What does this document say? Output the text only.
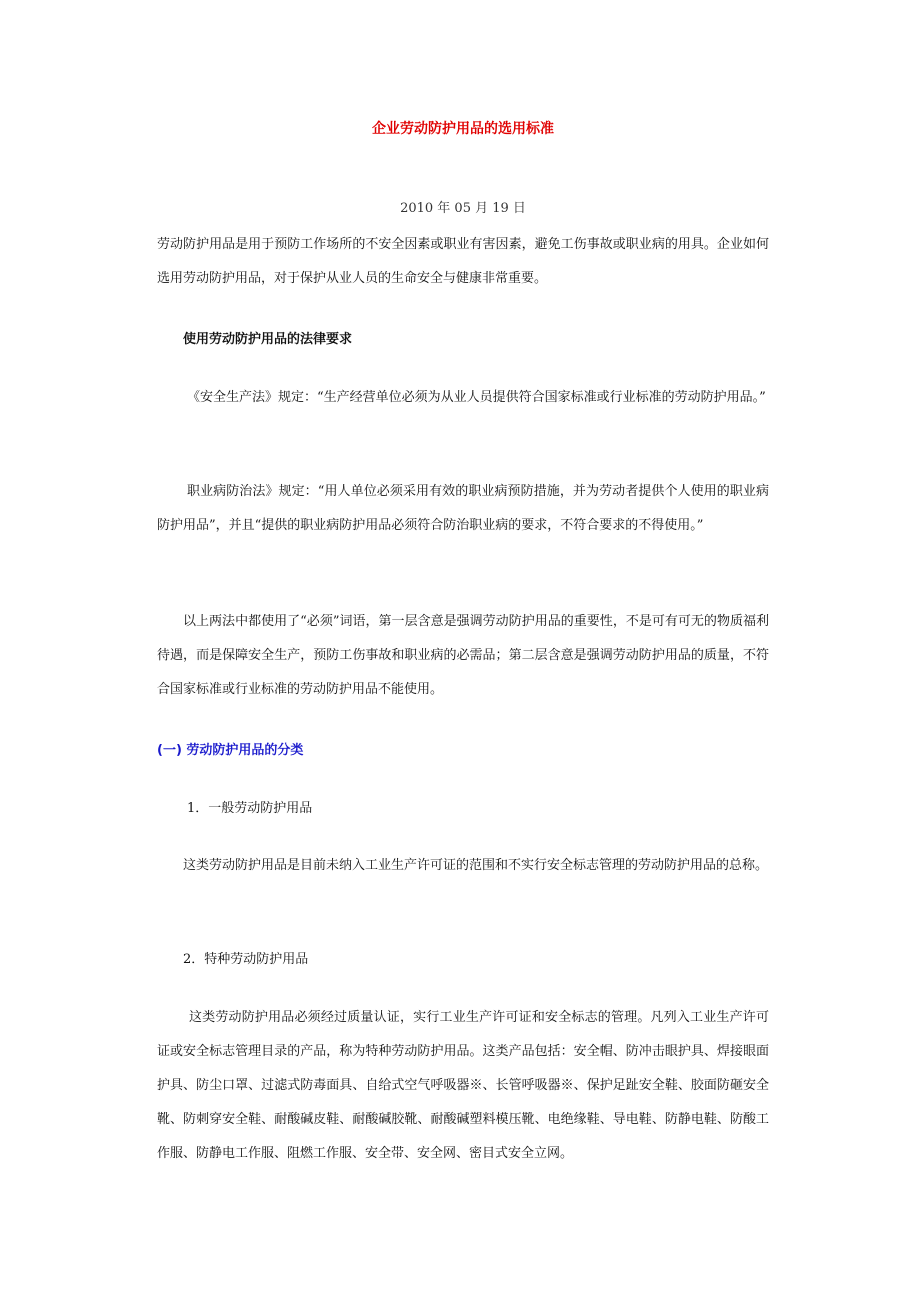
企业劳动防护用品的选用标准

2010 年 05 月 19 日

劳动防护用品是用于预防工作场所的不安全因素或职业有害因素，避免工伤事故或职业病的用具。企业如何选用劳动防护用品，对于保护从业人员的生命安全与健康非常重要。

使用劳动防护用品的法律要求

《安全生产法》规定：“生产经营单位必须为从业人员提供符合国家标准或行业标准的劳动防护用品。”

职业病防治法》规定：“用人单位必须采用有效的职业病预防措施，并为劳动者提供个人使用的职业病防护用品”，并且“提供的职业病防护用品必须符合防治职业病的要求，不符合要求的不得使用。”

以上两法中都使用了“必须”词语，第一层含意是强调劳动防护用品的重要性，不是可有可无的物质福利待遇，而是保障安全生产，预防工伤事故和职业病的必需品；第二层含意是强调劳动防护用品的质量，不符合国家标准或行业标准的劳动防护用品不能使用。

(一) 劳动防护用品的分类

1．一般劳动防护用品

这类劳动防护用品是目前未纳入工业生产许可证的范围和不实行安全标志管理的劳动防护用品的总称。

2．特种劳动防护用品

这类劳动防护用品必须经过质量认证，实行工业生产许可证和安全标志的管理。凡列入工业生产许可证或安全标志管理目录的产品，称为特种劳动防护用品。这类产品包括：安全帽、防冲击眼护具、焊接眼面护具、防尘口罩、过滤式防毒面具、自给式空气呼吸器※、长管呼吸器※、保护足趾安全鞋、胶面防砸安全靴、防刺穿安全鞋、耐酸碱皮鞋、耐酸碱胶靴、耐酸碱塑料模压靴、电绝缘鞋、导电鞋、防静电鞋、防酸工作服、防静电工作服、阻燃工作服、安全带、安全网、密目式安全立网。
